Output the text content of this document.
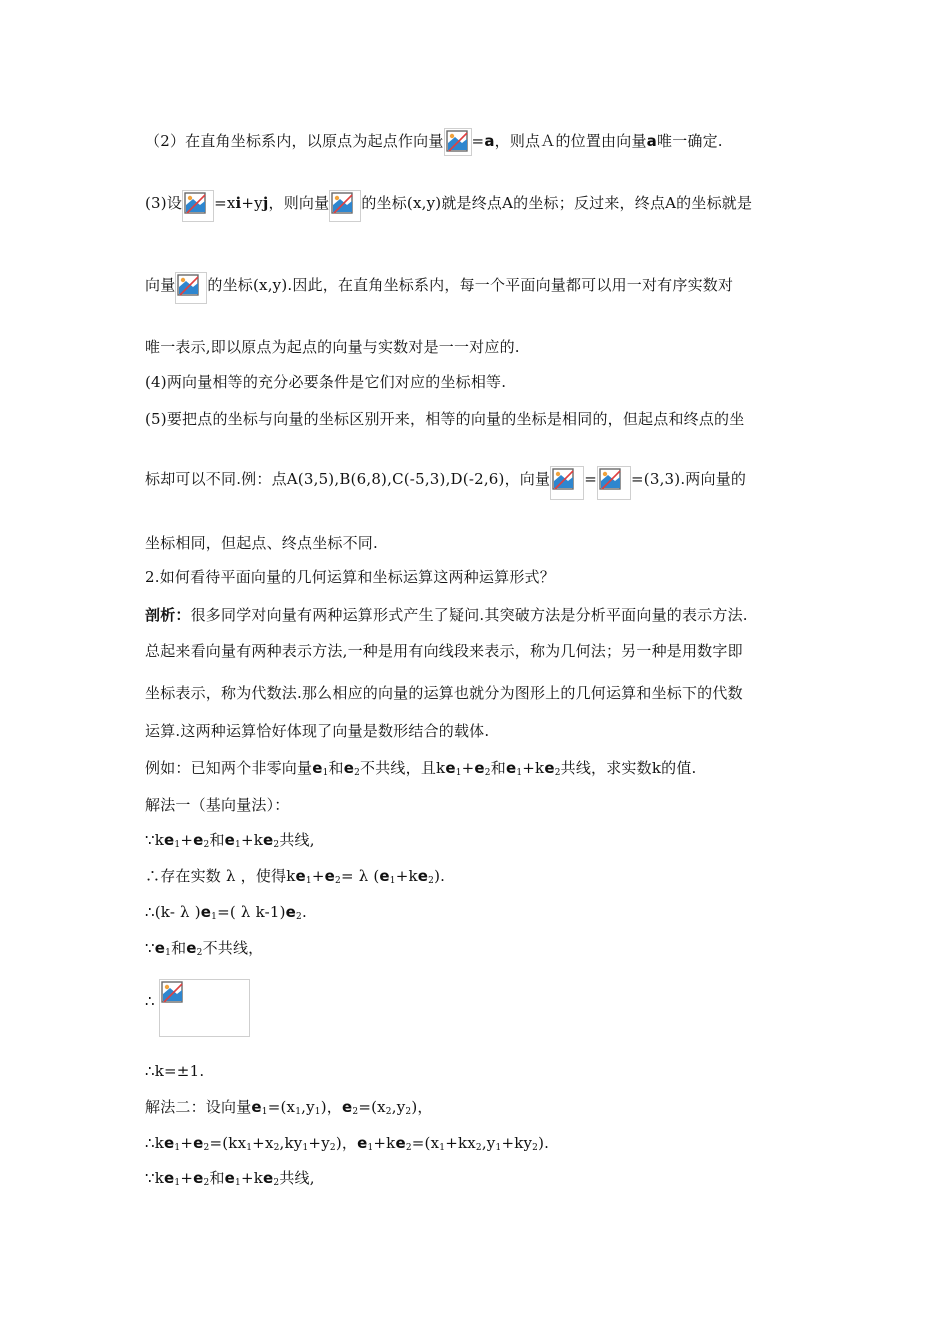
（2）在直角坐标系内，以原点为起点作向量 =a，则点Ａ的位置由向量a唯一确定.
(3)设 =xi+yj，则向量 的坐标(x,y)就是终点A的坐标；反过来，终点A的坐标就是
向量 的坐标(x,y).因此，在直角坐标系内，每一个平面向量都可以用一对有序实数对
唯一表示,即以原点为起点的向量与实数对是一一对应的.
(4)两向量相等的充分必要条件是它们对应的坐标相等.
(5)要把点的坐标与向量的坐标区别开来，相等的向量的坐标是相同的，但起点和终点的坐
标却可以不同.例：点A(3,5),B(6,8),C(-5,3),D(-2,6)，向量 = =(3,3).两向量的
坐标相同，但起点、终点坐标不同.
2.如何看待平面向量的几何运算和坐标运算这两种运算形式？
剖析：很多同学对向量有两种运算形式产生了疑问.其突破方法是分析平面向量的表示方法.
总起来看向量有两种表示方法,一种是用有向线段来表示，称为几何法；另一种是用数字即
坐标表示，称为代数法.那么相应的向量的运算也就分为图形上的几何运算和坐标下的代数
运算.这两种运算恰好体现了向量是数形结合的载体.
例如：已知两个非零向量$e_1$和$e_2$不共线，且$ke_1+e_2$和$e_1+ke_2$共线，求实数k的值.
解法一（基向量法）：
$\because ke_1+e_2$和$e_1+ke_2$共线,
∴存在实数 λ ，使得$ke_1+e_2= \lambda$ $(e_1+ke_2)$.
∴(k- λ )$e_1=$( λ $k-1)e_2$.
$\because e_1$和$e_2$不共线，
∴
∴k=±1.
解法二：设向量$e_1=(x_1,y_1)$，$e_2=(x_2,y_2)$，
$\therefore ke_1+e_2=(kx_1+x_2,ky_1+y_2)$，$e_1+ke_2=(x_1+kx_2,y_1+ky_2)$.
$\because ke_1+e_2$和$e_1+ke_2$共线,
